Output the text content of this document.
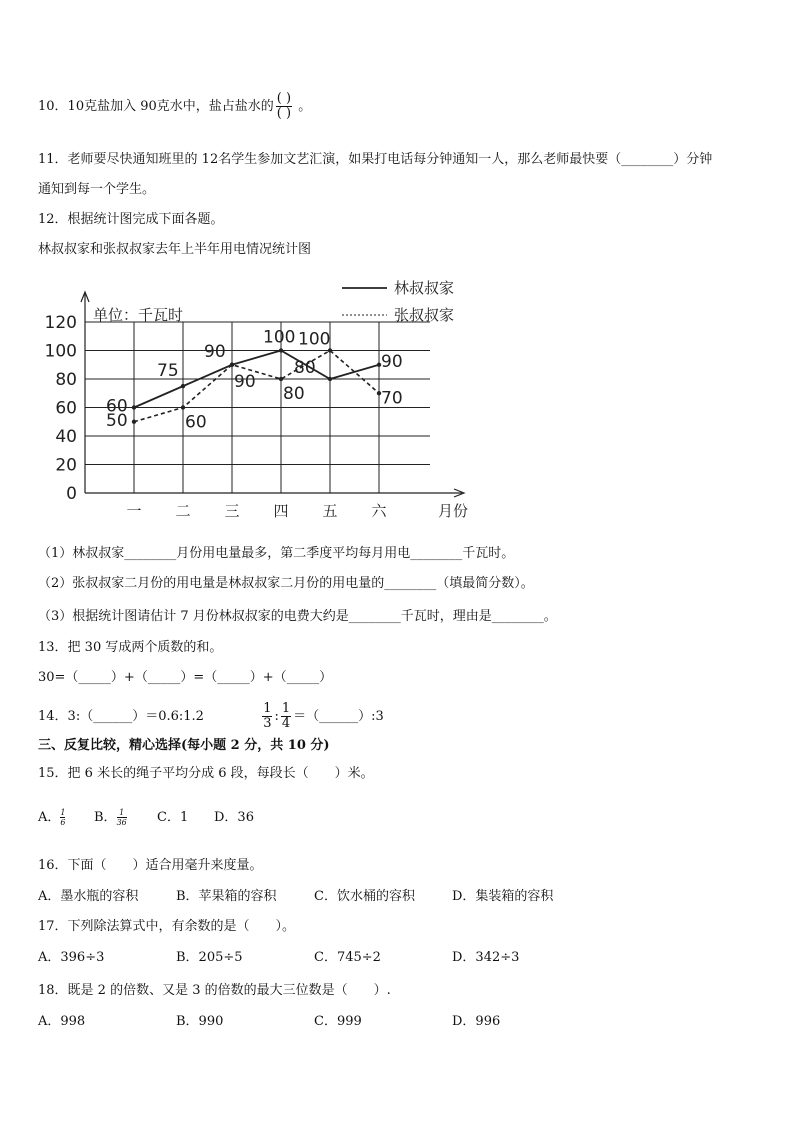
10．10克盐加入 90克水中，盐占盐水的 $\frac{( )}{( )}$ 。
11．老师要尽快通知班里的 12名学生参加文艺汇演，如果打电话每分钟通知一人，那么老师最快要（________）分钟
通知到每一个学生。
12．根据统计图完成下面各题。
林叔叔家和张叔叔家去年上半年用电情况统计图
林叔叔家
张叔叔家
120
100
80
60
40
20
0
一 二 三 四 五 六
单位：千瓦时
月份
60
75
90
100
80	90
50	60
90
80
100
70
（1）林叔叔家________月份用电量最多，第二季度平均每月用电________千瓦时。
（2）张叔叔家二月份的用电量是林叔叔家二月份的用电量的________（填最简分数）。
（3）根据统计图请估计 7 月份林叔叔家的电费大约是________千瓦时，理由是________。
13．把 30 写成两个质数的和。
30=（_____）+（_____）=（_____）+（_____）
14．3:（______）＝0.6:1.2	$\frac{1}{3}$ : $\frac{1}{4}$ ＝（______）:3
三、反复比较，精心选择(每小题 2 分，共 10 分)
15．把 6 米长的绳子平均分成 6 段，每段长（　　）米。
A． $\frac{1}{6}$ B． $\frac{1}{36}$ C．1 D．36
16．下面（　　）适合用毫升来度量。
A．墨水瓶的容积	B．苹果箱的容积	C．饮水桶的容积	D．集装箱的容积
17．下列除法算式中，有余数的是（　　）。
A．396÷3	B．205÷5	C．745÷2	D．342÷3
18．既是 2 的倍数、又是 3 的倍数的最大三位数是（　　）.
A．998	B．990	C．999	D．996
